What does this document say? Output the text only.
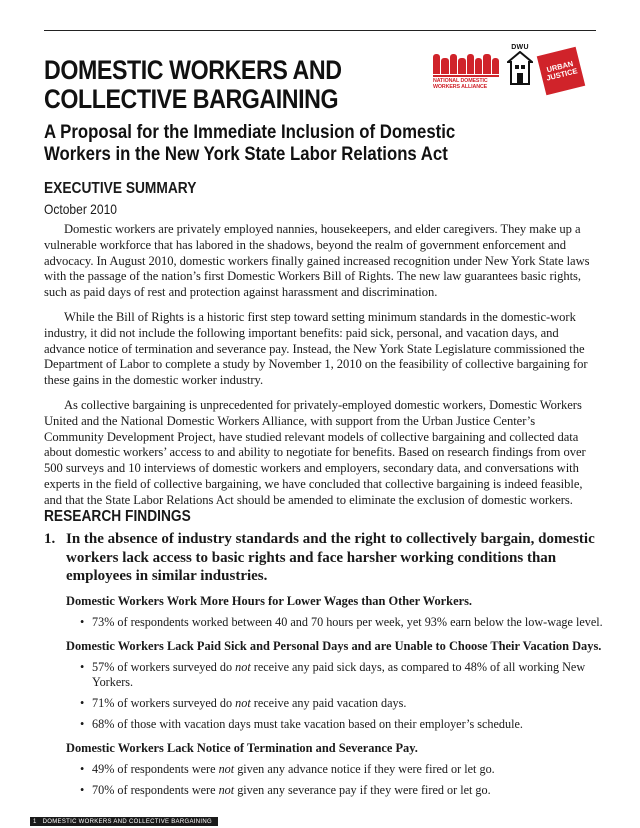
DOMESTIC WORKERS AND
COLLECTIVE BARGAINING
A Proposal for the Immediate Inclusion of Domestic
Workers in the New York State Labor Relations Act
NATIONAL DOMESTIC WORKERS ALLIANCE
DWU
URBAN
JUSTICE
EXECUTIVE SUMMARY
October 2010

Domestic workers are privately employed nannies, housekeepers, and elder caregivers. They make up a vulnerable workforce that has labored in the shadows, beyond the realm of government enforcement and advocacy. In August 2010, domestic workers finally gained increased recognition under New York State laws with the passage of the nation’s first Domestic Workers Bill of Rights. The new law guarantees basic rights, such as paid days of rest and protection against harassment and discrimination.

While the Bill of Rights is a historic first step toward setting minimum standards in the domestic-work industry, it did not include the following important benefits: paid sick, personal, and vacation days, and advance notice of termination and severance pay. Instead, the New York State Legislature commissioned the Department of Labor to complete a study by November 1, 2010 on the feasibility of collective bargaining for these gains in the domestic worker industry.

As collective bargaining is unprecedented for privately-employed domestic workers, Domestic Workers United and the National Domestic Workers Alliance, with support from the Urban Justice Center’s Community Development Project, have studied relevant models of collective bargaining and collected data about domestic workers’ access to and ability to negotiate for benefits. Based on research findings from over 500 surveys and 10 interviews of domestic workers and employers, secondary data, and conversations with experts in the field of collective bargaining, we have concluded that collective bargaining is indeed feasible, and that the State Labor Relations Act should be amended to eliminate the exclusion of domestic workers.

RESEARCH FINDINGS
1. In the absence of industry standards and the right to collectively bargain, domestic workers lack access to basic rights and face harsher working conditions than employees in similar industries.
Domestic Workers Work More Hours for Lower Wages than Other Workers.
• 73% of respondents worked between 40 and 70 hours per week, yet 93% earn below the low-wage level.
Domestic Workers Lack Paid Sick and Personal Days and are Unable to Choose Their Vacation Days.
• 57% of workers surveyed do not receive any paid sick days, as compared to 48% of all working New Yorkers.
• 71% of workers surveyed do not receive any paid vacation days.
• 68% of those with vacation days must take vacation based on their employer’s schedule.
Domestic Workers Lack Notice of Termination and Severance Pay.
• 49% of respondents were not given any advance notice if they were fired or let go.
• 70% of respondents were not given any severance pay if they were fired or let go.
1 DOMESTIC WORKERS AND COLLECTIVE BARGAINING
